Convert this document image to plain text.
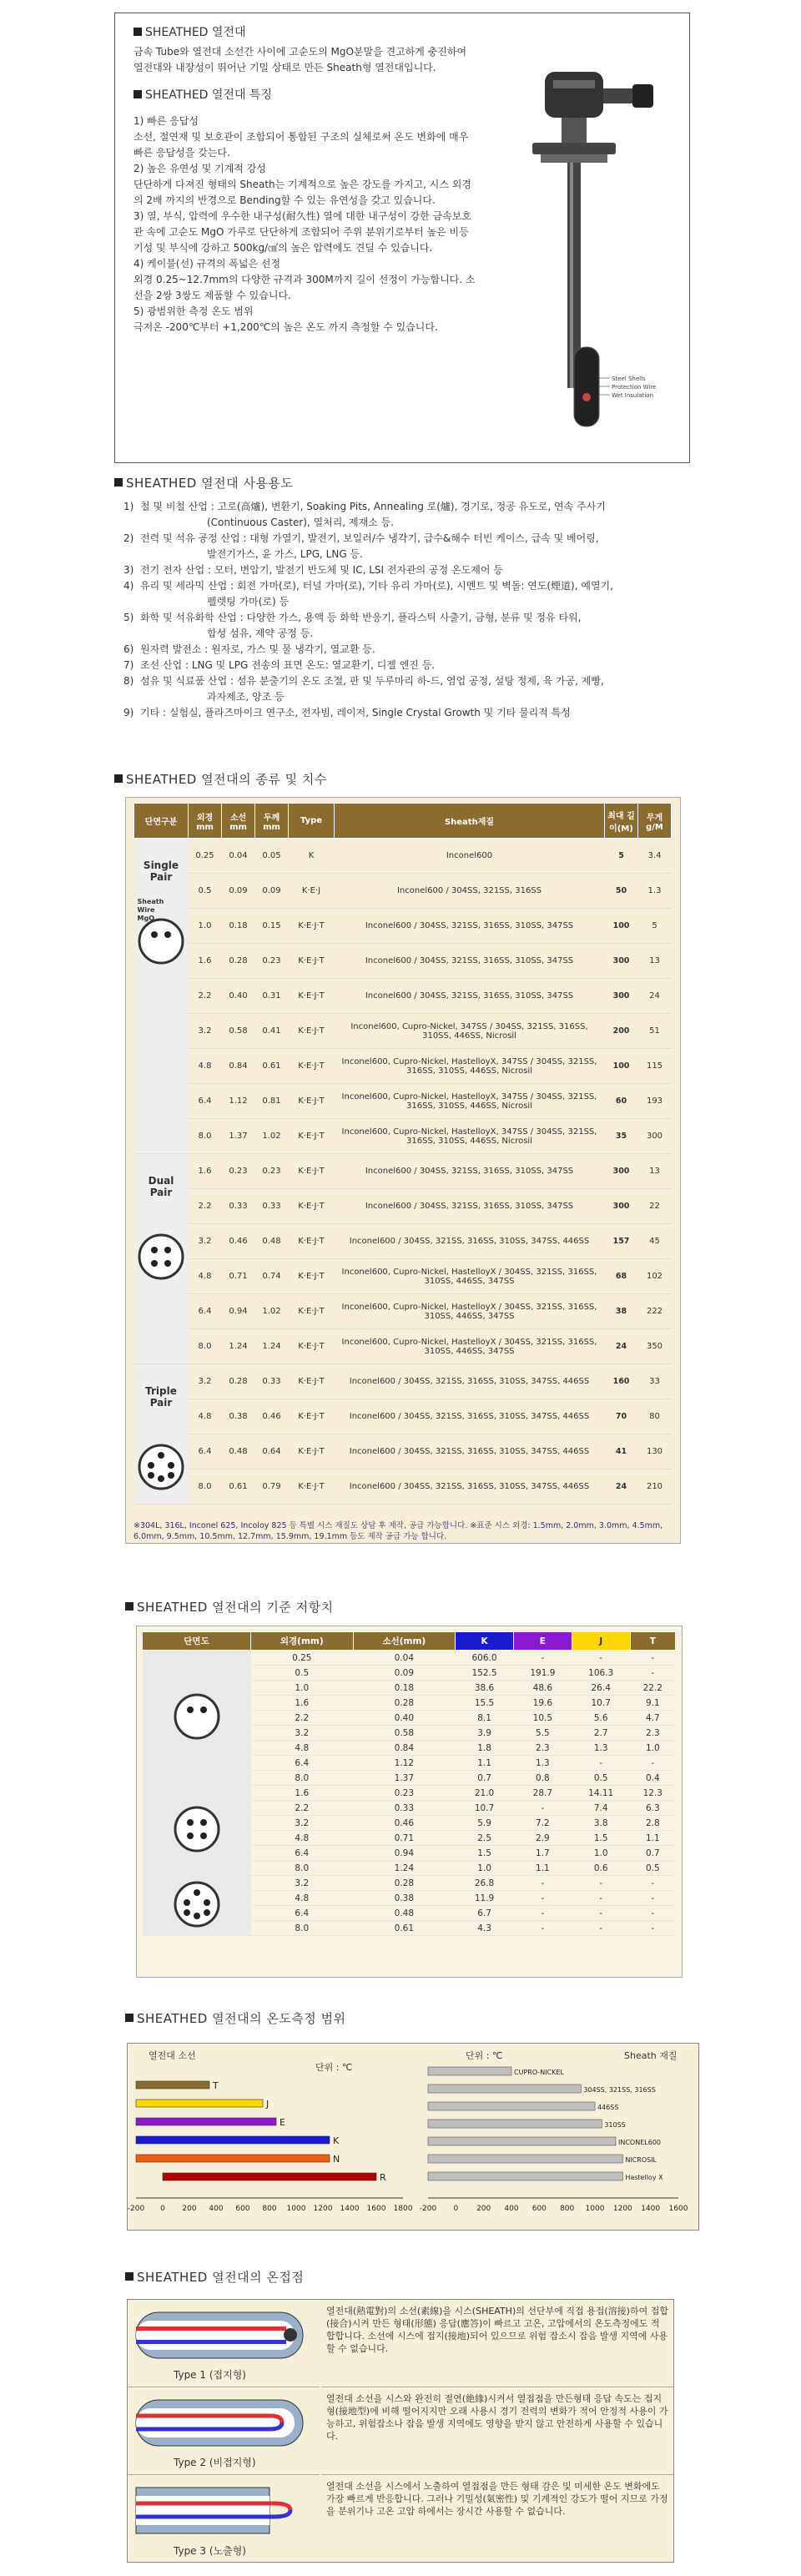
SHEATHED 열전대

금속 Tube와 열전대 소선간 사이에 고순도의 MgO분말을 견고하게 충진하여 열전대와 내장성이 뛰어난 기밀 상태로 만든 Sheath형 열전대입니다.

SHEATHED 열전대 특징

1) 빠른 응답성

소선, 절연재 및 보호관이 조합되어 통합된 구조의 실체로써 온도 변화에 매우 빠른 응답성을 갖는다.

2) 높은 유연성 및 기계적 강성

단단하게 다져진 형태의 Sheath는 기계적으로 높은 강도를 가지고, 시스 외경의 2배 까지의 반경으로 Bending할 수 있는 유연성을 갖고 있습니다.

3) 열, 부식, 압력에 우수한 내구성(耐久性) 열에 대한 내구성이 강한 금속보호관 속에 고순도 MgO 가루로 단단하게 조합되어 주위 분위기로부터 높은 비등기성 및 부식에 강하고 500kg/㎠의 높은 압력에도 견딜 수 있습니다.

4) 케이블(선) 규격의 폭넓은 선정

외경 0.25~12.7mm의 다양한 규격과 300M까지 길이 선정이 가능합니다. 소선을 2쌍 3쌍도 제품할 수 있습니다.

5) 광범위한 측정 온도 범위

극저온 -200℃부터 +1,200℃의 높은 온도 까지 측정할 수 있습니다.

Steel Shells
Protection Wire
Wet Insulation
SHEATHED 열전대 사용용도
1) 철 및 비철 산업 : 고로(高爐), 변환기, Soaking Pits, Annealing 로(爐), 경기로, 정공 유도로, 연속 주사기
(Continuous Caster), 열처리, 제재소 등.
2) 전력 및 석유 공정 산업 : 대형 가열기, 발전기, 보일러/수 냉각기, 급수&해수 터빈 케이스, 급속 및 베어링,
발전기가스, 윤 가스, LPG, LNG 등.
3) 전기 전자 산업 : 모터, 변압기, 발전기 반도체 및 IC, LSI 전자관의 공정 온도제어 등
4) 유리 및 세라믹 산업 : 회전 가마(로), 터널 가마(로), 기타 유리 가마(로), 시멘트 및 벽돌: 연도(煙道), 예열기,
펠렛팅 가마(로) 등
5) 화학 및 석유화학 산업 : 다양한 가스, 용액 등 화학 반응기, 플라스틱 사출기, 금형, 분류 및 정유 타워,
합성 섬유, 제약 공정 등.
6) 원자력 발전소 : 원자로, 가스 및 물 냉각기, 열교환 등.
7) 조선 산업 : LNG 및 LPG 전송의 표면 온도: 열교환기, 디젤 엔진 등.
8) 섬유 및 식료품 산업 : 섬유 분출기의 온도 조절, 판 및 두루마리 하-드, 염업 공정, 설탕 정제, 육 가공, 제빵,
과자제조, 양조 등
9) 기타 : 실험실, 플라즈마이크 연구소, 전자빔, 레이저, Single Crystal Growth 및 기타 물리적 특성
SHEATHED 열전대의 종류 및 치수
단면구분	외경 mm	소선 mm	두께 mm	Type	Sheath재질	최대 길이(M)	무게 g/M

Single Pair
Sheath
Wire
MgO	0.25	0.04	0.05	K	Inconel600	5	3.4
	0.5	0.09	0.09	K·E·J	Inconel600 / 304SS, 321SS, 316SS	50	1.3
	1.0	0.18	0.15	K·E·J·T	Inconel600 / 304SS, 321SS, 316SS, 310SS, 347SS	100	5
	1.6	0.28	0.23	K·E·J·T	Inconel600 / 304SS, 321SS, 316SS, 310SS, 347SS	300	13
	2.2	0.40	0.31	K·E·J·T	Inconel600 / 304SS, 321SS, 316SS, 310SS, 347SS	300	24
	3.2	0.58	0.41	K·E·J·T	Inconel600, Cupro-Nickel, 347SS / 304SS, 321SS, 316SS, 310SS, 446SS, Nicrosil	200	51
	4.8	0.84	0.61	K·E·J·T	Inconel600, Cupro-Nickel, HastelloyX, 347SS / 304SS, 321SS, 316SS, 310SS, 446SS, Nicrosil	100	115
	6.4	1.12	0.81	K·E·J·T	Inconel600, Cupro-Nickel, HastelloyX, 347SS / 304SS, 321SS, 316SS, 310SS, 446SS, Nicrosil	60	193
	8.0	1.37	1.02	K·E·J·T	Inconel600, Cupro-Nickel, HastelloyX, 347SS / 304SS, 321SS, 316SS, 310SS, 446SS, Nicrosil	35	300

Dual Pair	1.6	0.23	0.23	K·E·J·T	Inconel600 / 304SS, 321SS, 316SS, 310SS, 347SS	300	13
	2.2	0.33	0.33	K·E·J·T	Inconel600 / 304SS, 321SS, 316SS, 310SS, 347SS	300	22
	3.2	0.46	0.48	K·E·J·T	Inconel600 / 304SS, 321SS, 316SS, 310SS, 347SS, 446SS	157	45
	4.8	0.71	0.74	K·E·J·T	Inconel600, Cupro-Nickel, HastelloyX / 304SS, 321SS, 316SS, 310SS, 446SS, 347SS	68	102
	6.4	0.94	1.02	K·E·J·T	Inconel600, Cupro-Nickel, HastelloyX / 304SS, 321SS, 316SS, 310SS, 446SS, 347SS	38	222
	8.0	1.24	1.24	K·E·J·T	Inconel600, Cupro-Nickel, HastelloyX / 304SS, 321SS, 316SS, 310SS, 446SS, 347SS	24	350

Triple Pair	3.2	0.28	0.33	K·E·J·T	Inconel600 / 304SS, 321SS, 316SS, 310SS, 347SS, 446SS	160	33
	4.8	0.38	0.46	K·E·J·T	Inconel600 / 304SS, 321SS, 316SS, 310SS, 347SS, 446SS	70	80
	6.4	0.48	0.64	K·E·J·T	Inconel600 / 304SS, 321SS, 316SS, 310SS, 347SS, 446SS	41	130
	8.0	0.61	0.79	K·E·J·T	Inconel600 / 304SS, 321SS, 316SS, 310SS, 347SS, 446SS	24	210
※304L, 316L, Inconel 625, Incoloy 825 등 특별 시스 재질도 상담 후 제작, 공급 가능합니다. ※표준 시스 외경: 1.5mm, 2.0mm, 3.0mm, 4.5mm, 6.0mm, 9.5mm, 10.5mm, 12.7mm, 15.9mm, 19.1mm 등도 제작 공급 가능 합니다.
SHEATHED 열전대의 기준 저항치
단면도	외경(mm)	소선(mm)	K	E	J	T
	0.25	0.04	606.0	-	-	-
	0.5	0.09	152.5	191.9	106.3	-
	1.0	0.18	38.6	48.6	26.4	22.2
	1.6	0.28	15.5	19.6	10.7	9.1
	2.2	0.40	8.1	10.5	5.6	4.7
	3.2	0.58	3.9	5.5	2.7	2.3
	4.8	0.84	1.8	2.3	1.3	1.0
	6.4	1.12	1.1	1.3	-	-
	8.0	1.37	0.7	0.8	0.5	0.4
	1.6	0.23	21.0	28.7	14.11	12.3
	2.2	0.33	10.7	-	7.4	6.3
	3.2	0.46	5.9	7.2	3.8	2.8
	4.8	0.71	2.5	2.9	1.5	1.1
	6.4	0.94	1.5	1.7	1.0	0.7
	8.0	1.24	1.0	1.1	0.6	0.5
	3.2	0.28	26.8	-	-	-
	4.8	0.38	11.9	-	-	-
	6.4	0.48	6.7	-	-	-
	8.0	0.61	4.3	-	-	-
SHEATHED 열전대의 온도측정 범위
열전대 소선
단위 : ℃
단위 : ℃	Sheath 재질
T
J
E
K
N
R
-200 0 200 400 600 800 1000 1200 1400 1600 1800
CUPRO-NICKEL
304SS, 321SS, 316SS
446SS
310SS
INCONEL600
NICROSIL
Hastelloy X
-200 0 200 400 600 800 1000 1200 1400 1600
SHEATHED 열전대의 온접점
Type 1 (접지형)
열전대(熱電對)의 소선(素線)을 시스(SHEATH)의 선단부에 직접 용접(溶接)하여 접합(接合)시켜 만든 형태(形態) 응답(應答)이 빠르고 고온, 고압에서의 온도측정에도 적합합니다. 소선에 시스에 접지(接地)되어 있으므로 위험 잡소시 잡음 발생 지역에 사용할 수 없습니다.
Type 2 (비접지형)
열전대 소선을 시스와 완전히 절연(絶緣)시켜서 열접점을 만든형태 응답 속도는 접지형(接地型)에 비해 떨어지지만 오래 사용시 경기 전력의 변화가 적어 안정적 사용이 가능하고, 위험잡소나 잡음 발생 지역에도 영향을 받지 않고 안전하게 사용할 수 있습니다.
Type 3 (노출형)
열전대 소선을 시스에서 노출하여 열접점을 만든 형태 감은 및 미세한 온도 변화에도 가장 빠르게 반응합니다. 그러나 기밀성(氣密性) 및 기계적인 강도가 떨어 지므로 가정을 분위기나 고온 고압 하에서는 장시간 사용할 수 없습니다.
